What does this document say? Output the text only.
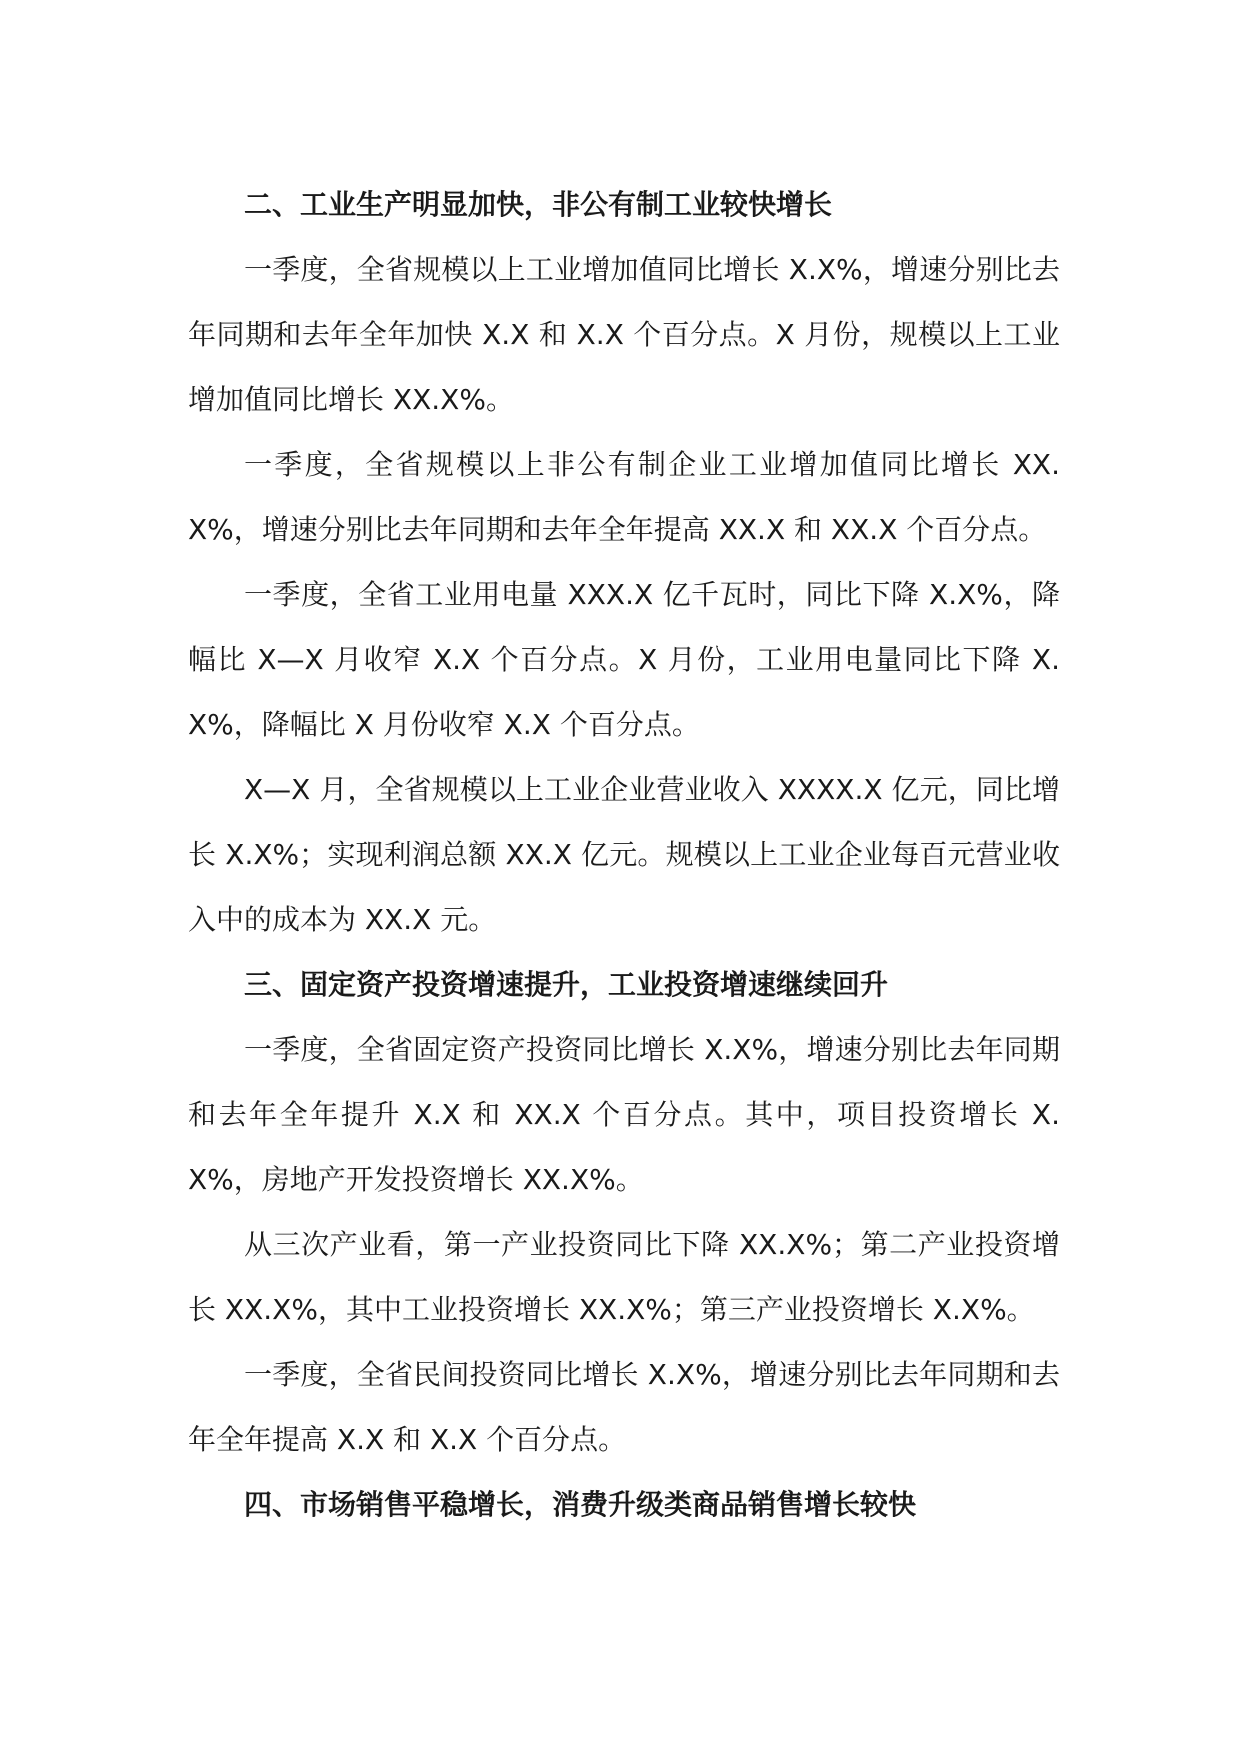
二、工业生产明显加快，非公有制工业较快增长

一季度，全省规模以上工业增加值同比增长 X.X%，增速分别比去年同期和去年全年加快 X.X 和 X.X 个百分点。X 月份，规模以上工业增加值同比增长 XX.X%。

一季度，全省规模以上非公有制企业工业增加值同比增长 XX.X%，增速分别比去年同期和去年全年提高 XX.X 和 XX.X 个百分点。

一季度，全省工业用电量 XXX.X 亿千瓦时，同比下降 X.X%，降幅比 X—X 月收窄 X.X 个百分点。X 月份，工业用电量同比下降 X.X%，降幅比 X 月份收窄 X.X 个百分点。

X—X 月，全省规模以上工业企业营业收入 XXXX.X 亿元，同比增长 X.X%；实现利润总额 XX.X 亿元。规模以上工业企业每百元营业收入中的成本为 XX.X 元。

三、固定资产投资增速提升，工业投资增速继续回升

一季度，全省固定资产投资同比增长 X.X%，增速分别比去年同期和去年全年提升 X.X 和 XX.X 个百分点。其中，项目投资增长 X.X%，房地产开发投资增长 XX.X%。

从三次产业看，第一产业投资同比下降 XX.X%；第二产业投资增长 XX.X%，其中工业投资增长 XX.X%；第三产业投资增长 X.X%。

一季度，全省民间投资同比增长 X.X%，增速分别比去年同期和去年全年提高 X.X 和 X.X 个百分点。

四、市场销售平稳增长，消费升级类商品销售增长较快
